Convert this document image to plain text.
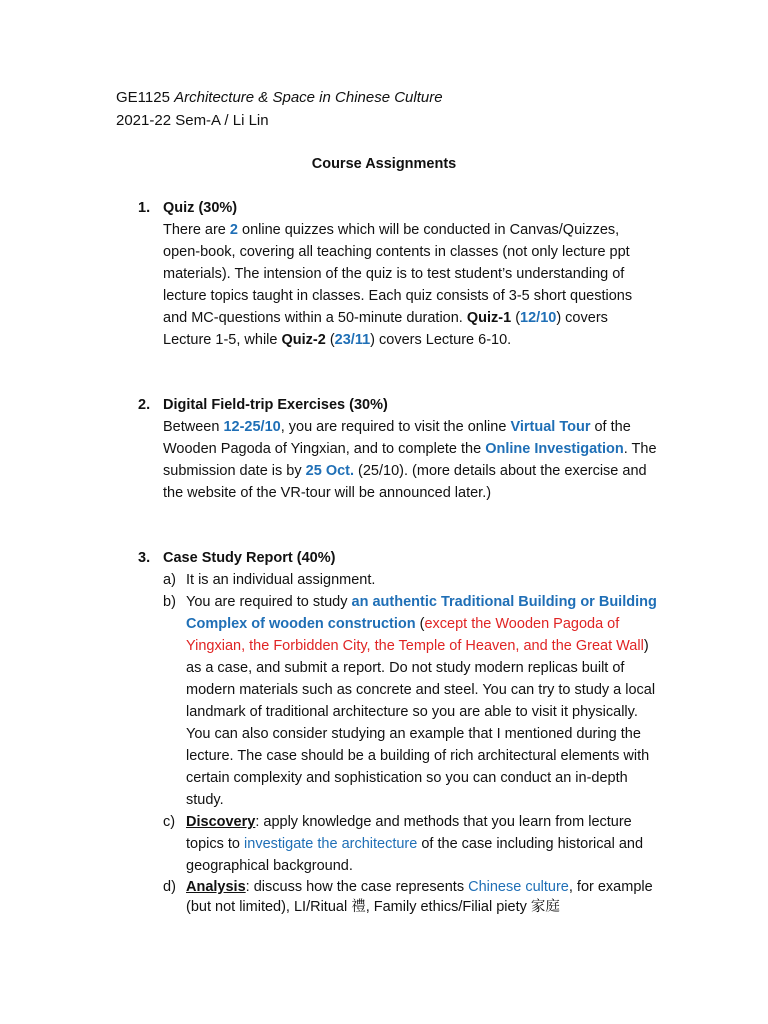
GE1125 Architecture & Space in Chinese Culture
2021-22 Sem-A / Li Lin
Course Assignments
1. Quiz (30%)
There are 2 online quizzes which will be conducted in Canvas/Quizzes, open-book, covering all teaching contents in classes (not only lecture ppt materials). The intension of the quiz is to test student’s understanding of lecture topics taught in classes. Each quiz consists of 3-5 short questions and MC-questions within a 50-minute duration. Quiz-1 (12/10) covers Lecture 1-5, while Quiz-2 (23/11) covers Lecture 6-10.
2. Digital Field-trip Exercises (30%)
Between 12-25/10, you are required to visit the online Virtual Tour of the Wooden Pagoda of Yingxian, and to complete the Online Investigation. The submission date is by 25 Oct. (25/10). (more details about the exercise and the website of the VR-tour will be announced later.)
3. Case Study Report (40%)
a) It is an individual assignment.
b) You are required to study an authentic Traditional Building or Building Complex of wooden construction (except the Wooden Pagoda of Yingxian, the Forbidden City, the Temple of Heaven, and the Great Wall) as a case, and submit a report. Do not study modern replicas built of modern materials such as concrete and steel. You can try to study a local landmark of traditional architecture so you are able to visit it physically. You can also consider studying an example that I mentioned during the lecture. The case should be a building of rich architectural elements with certain complexity and sophistication so you can conduct an in-depth study.
c) Discovery: apply knowledge and methods that you learn from lecture topics to investigate the architecture of the case including historical and geographical background.
d) Analysis: discuss how the case represents Chinese culture, for example (but not limited), LI/Ritual 禮, Family ethics/Filial piety 家庭
